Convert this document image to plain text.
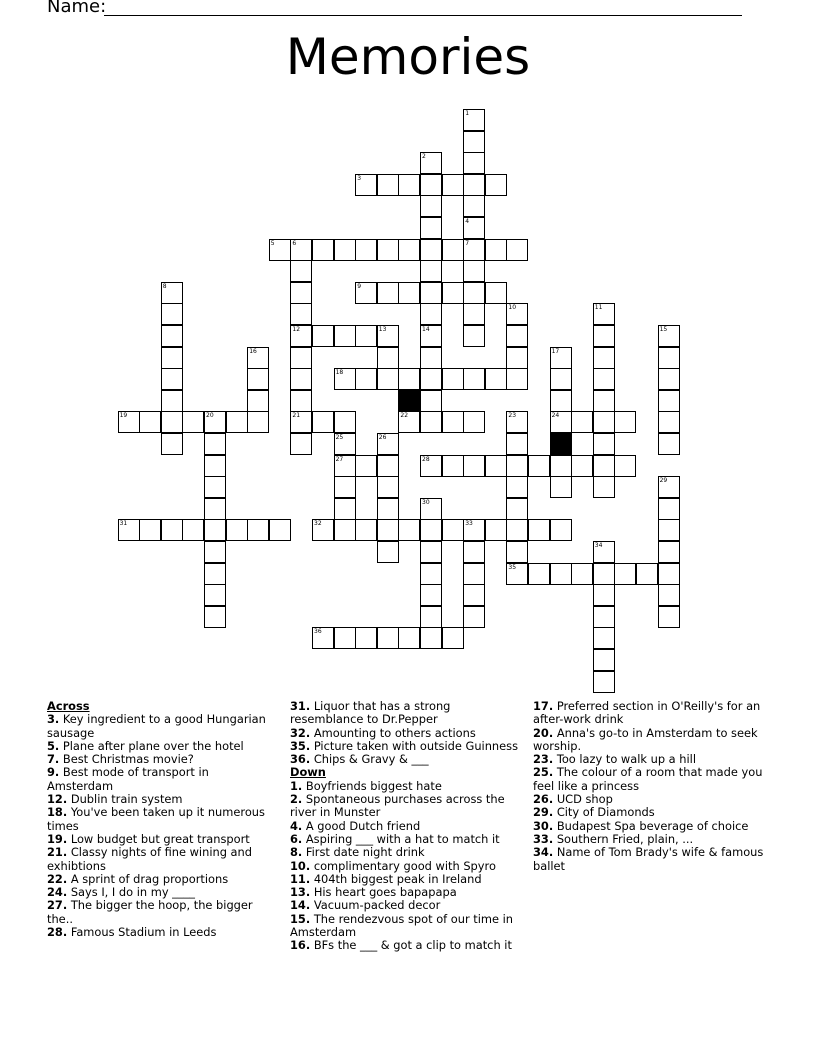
Name:
Memories
1
4
7
2
3
5	6
12
21
8	9
10	11
13	14	15
16	17
24
18
19	20	22	23
35
25
27
26
28
29
30
31	32	33
34
36
Across
3. Key ingredient to a good Hungarian sausage
5. Plane after plane over the hotel
7. Best Christmas movie?
9. Best mode of transport in Amsterdam
12. Dublin train system
18. You've been taken up it numerous times
19. Low budget but great transport
21. Classy nights of fine wining and exhibtions
22. A sprint of drag proportions
24. Says I, I do in my ____
27. The bigger the hoop, the bigger the..
28. Famous Stadium in Leeds
31. Liquor that has a strong resemblance to Dr.Pepper
32. Amounting to others actions
35. Picture taken with outside Guinness
36. Chips & Gravy & ___
Down
1. Boyfriends biggest hate
2. Spontaneous purchases across the river in Munster
4. A good Dutch friend
6. Aspiring ___ with a hat to match it
8. First date night drink
10. complimentary good with Spyro
11. 404th biggest peak in Ireland
13. His heart goes bapapapa
14. Vacuum-packed decor
15. The rendezvous spot of our time in Amsterdam
16. BFs the ___ & got a clip to match it
17. Preferred section in O'Reilly's for an after-work drink
20. Anna's go-to in Amsterdam to seek worship.
23. Too lazy to walk up a hill
25. The colour of a room that made you feel like a princess
26. UCD shop
29. City of Diamonds
30. Budapest Spa beverage of choice
33. Southern Fried, plain, ...
34. Name of Tom Brady's wife & famous ballet
